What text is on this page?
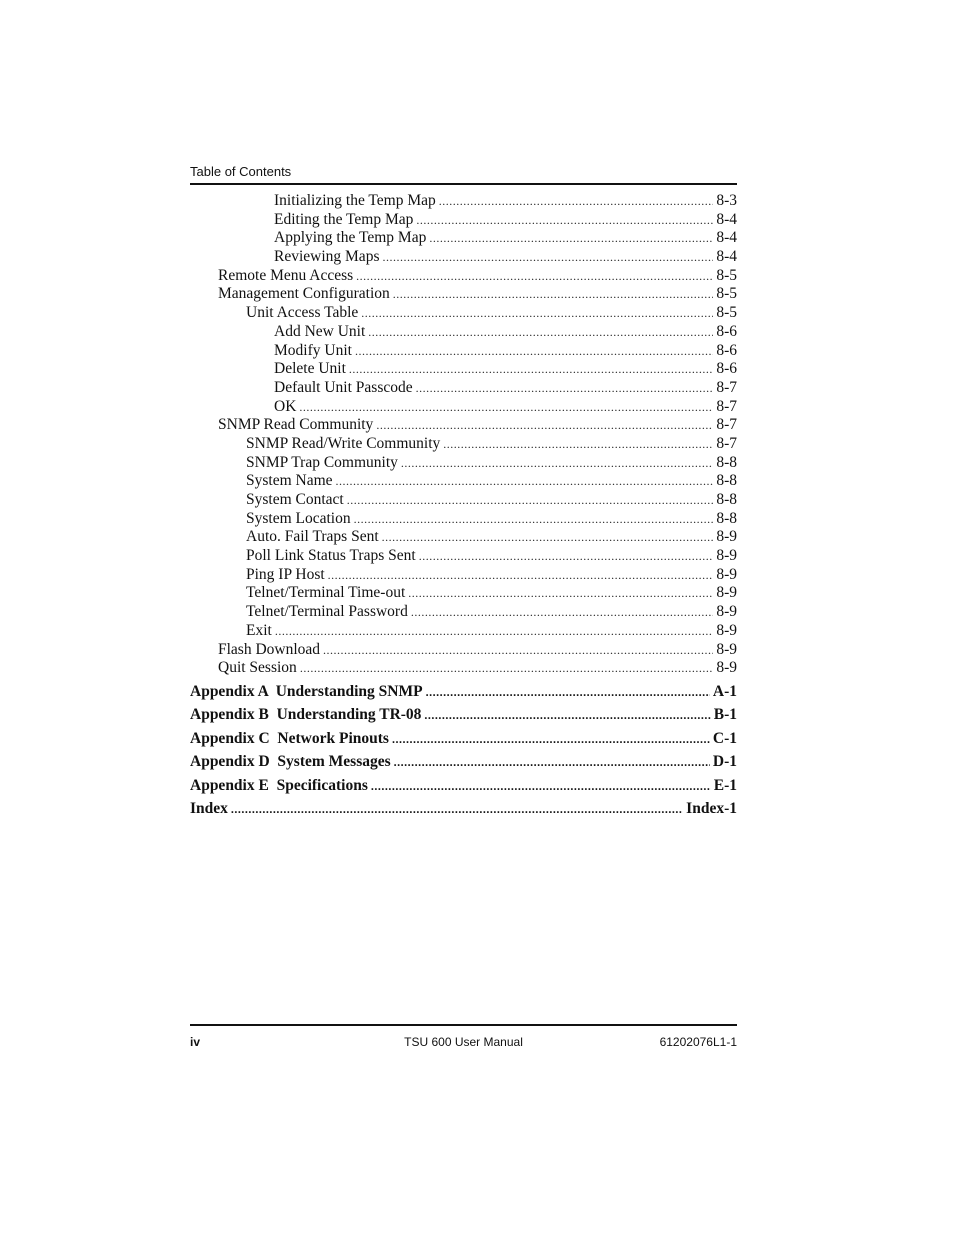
Table of Contents
Initializing the Temp Map .....	8-3
Editing the Temp Map .....	8-4
Applying the Temp Map .....	8-4
Reviewing Maps .....	8-4
Remote Menu Access .....	8-5
Management Configuration .....	8-5
Unit Access Table .....	8-5
Add New Unit .....	8-6
Modify Unit .....	8-6
Delete Unit .....	8-6
Default Unit Passcode .....	8-7
OK .....	8-7
SNMP Read Community .....	8-7
SNMP Read/Write Community .....	8-7
SNMP Trap Community .....	8-8
System Name .....	8-8
System Contact .....	8-8
System Location .....	8-8
Auto. Fail Traps Sent .....	8-9
Poll Link Status Traps Sent .....	8-9
Ping IP Host .....	8-9
Telnet/Terminal Time-out .....	8-9
Telnet/Terminal Password .....	8-9
Exit .....	8-9
Flash Download .....	8-9
Quit Session .....	8-9
Appendix A  Understanding SNMP .....	A-1
Appendix B  Understanding TR-08 .....	B-1
Appendix C  Network Pinouts .....	C-1
Appendix D  System Messages .....	D-1
Appendix E  Specifications .....	E-1
Index .....	Index-1
iv	TSU 600 User Manual	61202076L1-1
